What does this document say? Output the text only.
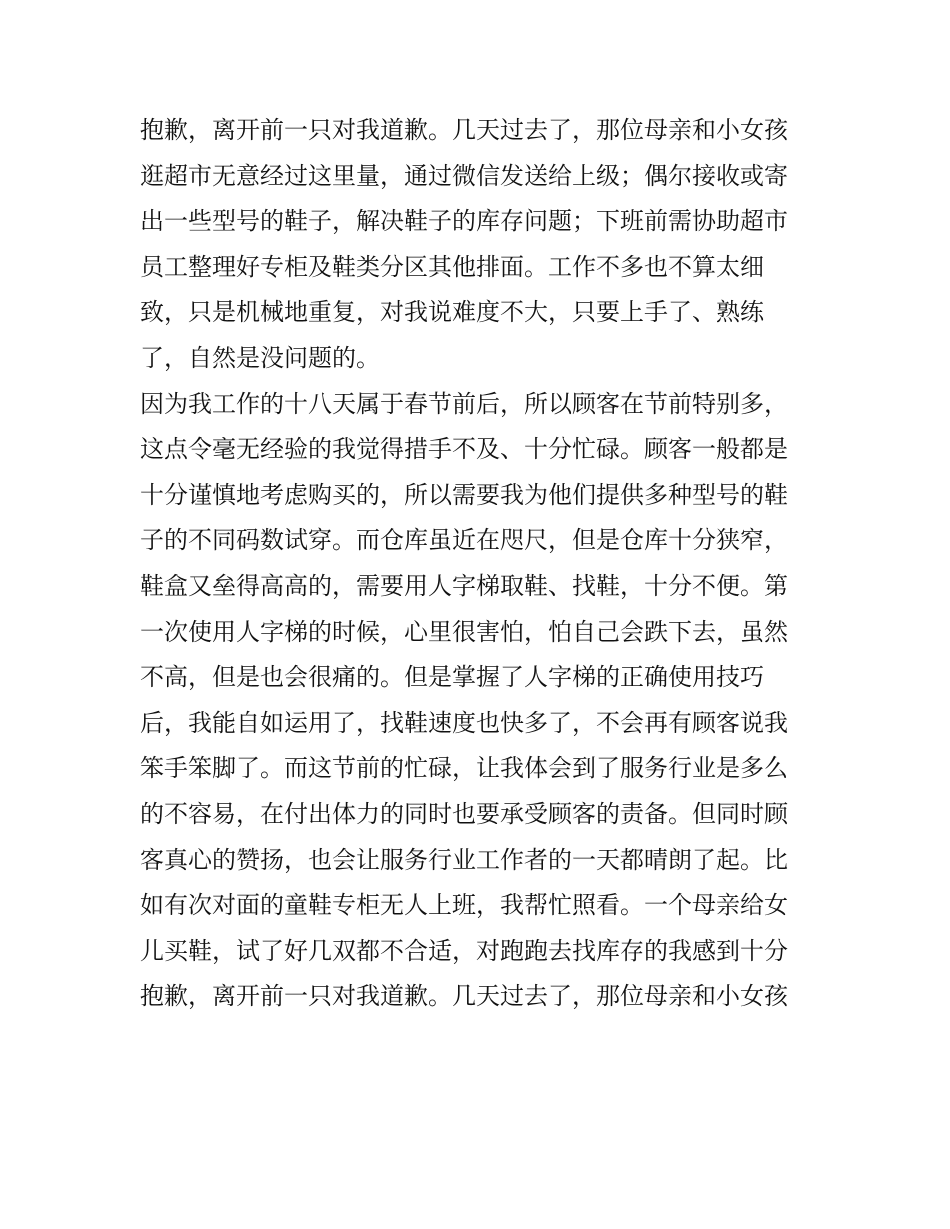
抱歉，离开前一只对我道歉。几天过去了，那位母亲和小女孩
逛超市无意经过这里量，通过微信发送给上级；偶尔接收或寄
出一些型号的鞋子，解决鞋子的库存问题；下班前需协助超市
员工整理好专柜及鞋类分区其他排面。工作不多也不算太细
致，只是机械地重复，对我说难度不大，只要上手了、熟练
了，自然是没问题的。
因为我工作的十八天属于春节前后，所以顾客在节前特别多，
这点令毫无经验的我觉得措手不及、十分忙碌。顾客一般都是
十分谨慎地考虑购买的，所以需要我为他们提供多种型号的鞋
子的不同码数试穿。而仓库虽近在咫尺，但是仓库十分狭窄，
鞋盒又垒得高高的，需要用人字梯取鞋、找鞋，十分不便。第
一次使用人字梯的时候，心里很害怕，怕自己会跌下去，虽然
不高，但是也会很痛的。但是掌握了人字梯的正确使用技巧
后，我能自如运用了，找鞋速度也快多了，不会再有顾客说我
笨手笨脚了。而这节前的忙碌，让我体会到了服务行业是多么
的不容易，在付出体力的同时也要承受顾客的责备。但同时顾
客真心的赞扬，也会让服务行业工作者的一天都晴朗了起。比
如有次对面的童鞋专柜无人上班，我帮忙照看。一个母亲给女
儿买鞋，试了好几双都不合适，对跑跑去找库存的我感到十分
抱歉，离开前一只对我道歉。几天过去了，那位母亲和小女孩
